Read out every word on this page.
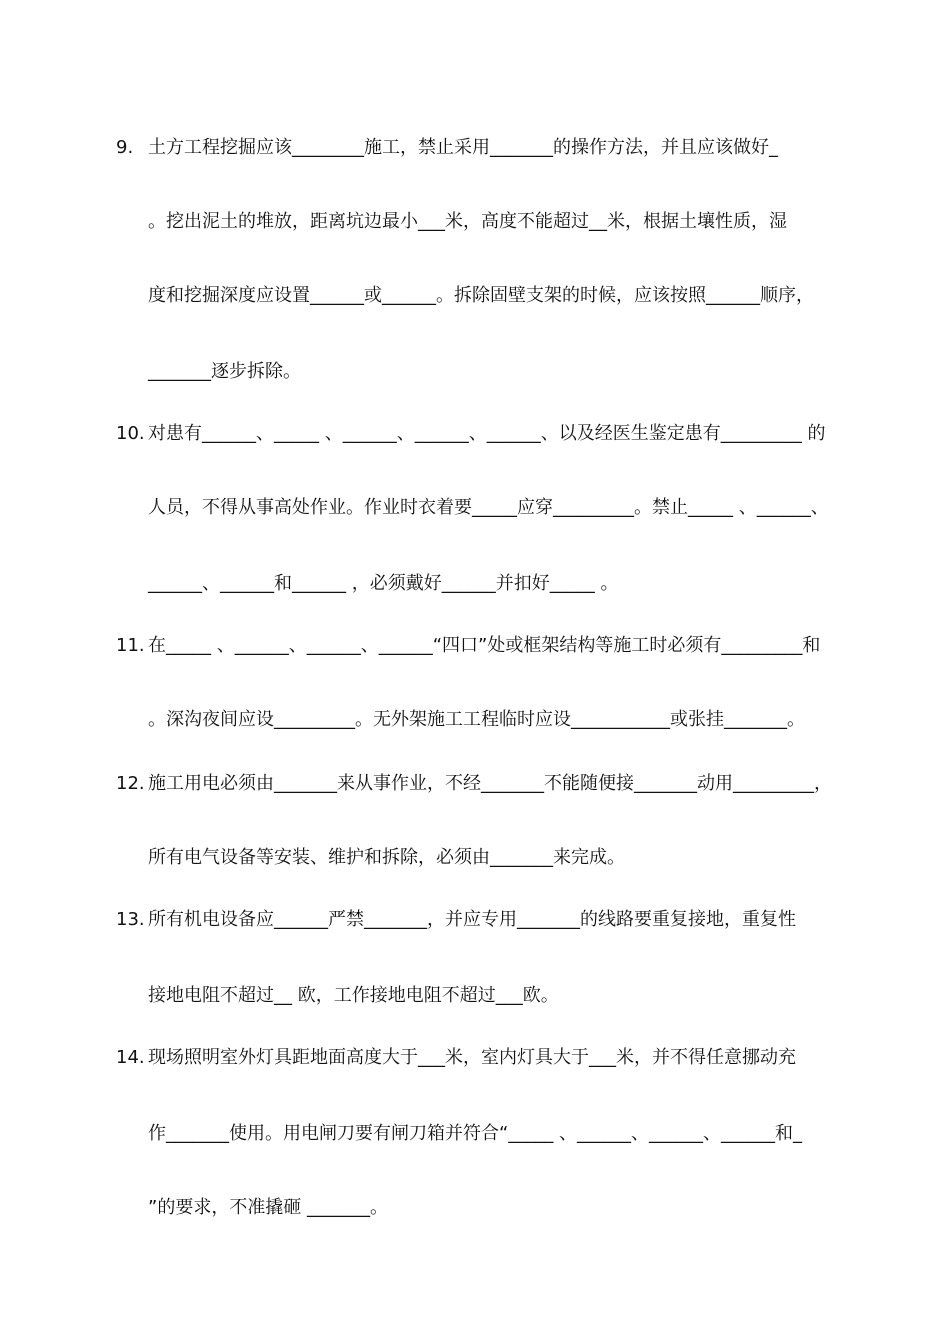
9. 土方工程挖掘应该________施工，禁止采用_______的操作方法，并且应该做好_
。挖出泥土的堆放，距离坑边最小___米，高度不能超过__米，根据土壤性质，湿
度和挖掘深度应设置______或______。拆除固壁支架的时候，应该按照______顺序，
_______逐步拆除。
10. 对患有______、_____ 、______、______、______、以及经医生鉴定患有_________ 的
人员，不得从事高处作业。作业时衣着要_____应穿_________。禁止_____ 、______、
______、______和______ ，必须戴好______并扣好_____ 。
11. 在_____ 、______、______、______“四口”处或框架结构等施工时必须有_________和
。深沟夜间应设_________。无外架施工工程临时应设___________或张挂_______。
12. 施工用电必须由_______来从事作业，不经_______不能随便接_______动用_________，
所有电气设备等安装、维护和拆除，必须由_______来完成。
13. 所有机电设备应______严禁_______，并应专用_______的线路要重复接地，重复性
接地电阻不超过__ 欧，工作接地电阻不超过___欧。
14. 现场照明室外灯具距地面高度大于___米，室内灯具大于___米，并不得任意挪动充
作_______使用。用电闸刀要有闸刀箱并符合“_____ 、______、______、______和_
”的要求，不准撬砸 _______。
